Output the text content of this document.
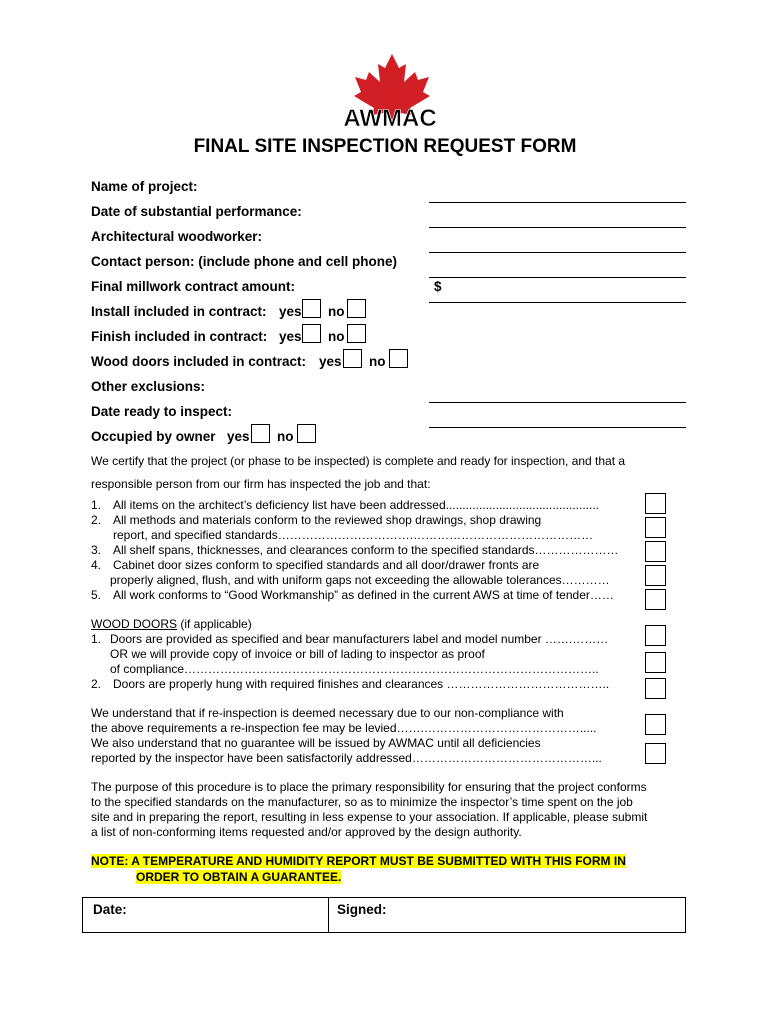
AWMAC
FINAL SITE INSPECTION REQUEST FORM
Name of project:
Date of substantial performance:
Architectural woodworker:
Contact person: (include phone and cell phone)
Final millwork contract amount:	$
Install included in contract: yes no
Finish included in contract: yes no
Wood doors included in contract: yes no
Other exclusions:
Date ready to inspect:
Occupied by owner yes no
We certify that the project (or phase to be inspected) is complete and ready for inspection, and that a
responsible person from our firm has inspected the job and that:
1. All items on the architect’s deficiency list have been addressed..............................................
2. All methods and materials conform to the reviewed shop drawings, shop drawing
report, and specified standards…………………………….………………………………………
3. All shelf spans, thicknesses, and clearances conform to the specified standards…………………
4. Cabinet door sizes conform to specified standards and all door/drawer fronts are
properly aligned, flush, and with uniform gaps not exceeding the allowable tolerances…………
5. All work conforms to “Good Workmanship” as defined in the current AWS at time of tender……
WOOD DOORS (if applicable)
1. Doors are provided as specified and bear manufacturers label and model number …….………
OR we will provide copy of invoice or bill of lading to inspector as proof
of compliance…………………………………………………………………………………………..
2. Doors are properly hung with required finishes and clearances …………………………………..
We understand that if re-inspection is deemed necessary due to our non-compliance with
the above requirements a re-inspection fee may be levied…….………………………………….....
We also understand that no guarantee will be issued by AWMAC until all deficiencies
reported by the inspector have been satisfactorily addressed………………………………………...
The purpose of this procedure is to place the primary responsibility for ensuring that the project conforms
to the specified standards on the manufacturer, so as to minimize the inspector’s time spent on the job
site and in preparing the report, resulting in less expense to your association. If applicable, please submit
a list of non-conforming items requested and/or approved by the design authority.
NOTE: A TEMPERATURE AND HUMIDITY REPORT MUST BE SUBMITTED WITH THIS FORM IN
ORDER TO OBTAIN A GUARANTEE.
Date:	Signed:
